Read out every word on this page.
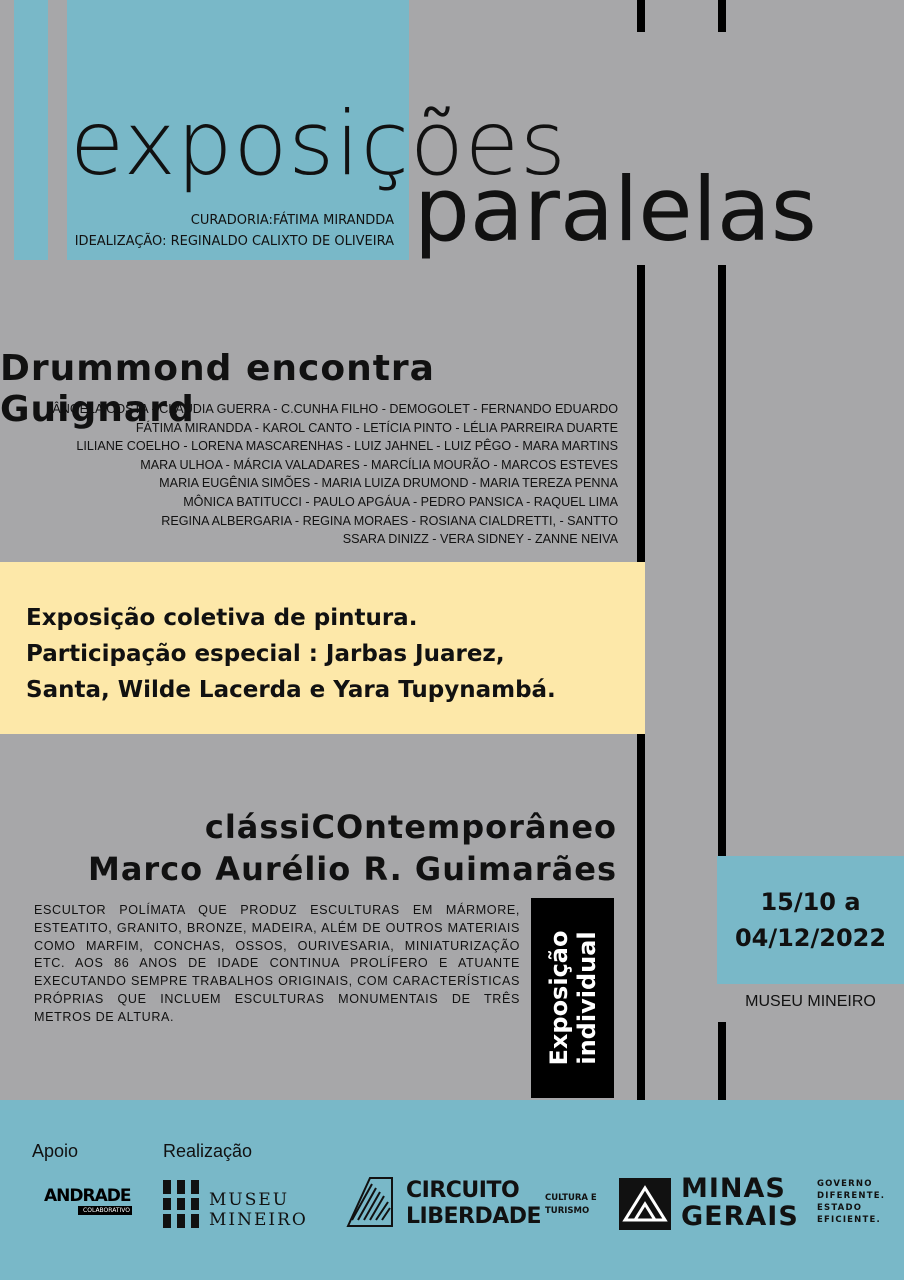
exposições
paralelas
CURADORIA:FÁTIMA MIRANDDA
IDEALIZAÇÃO: REGINALDO CALIXTO DE OLIVEIRA
Drummond encontra Guignard
ÂNGELA COSTA - CLÁUDIA GUERRA - C.CUNHA FILHO - DEMOGOLET - FERNANDO EDUARDO
FÁTIMA MIRANDDA - KAROL CANTO - LETÍCIA PINTO - LÉLIA PARREIRA DUARTE
LILIANE COELHO - LORENA MASCARENHAS - LUIZ JAHNEL - LUIZ PÊGO - MARA MARTINS
MARA ULHOA - MÁRCIA VALADARES - MARCÍLIA MOURÃO - MARCOS ESTEVES
MARIA EUGÊNIA SIMÕES - MARIA LUIZA DRUMOND - MARIA TEREZA PENNA
MÔNICA BATITUCCI - PAULO APGÁUA - PEDRO PANSICA - RAQUEL LIMA
REGINA ALBERGARIA - REGINA MORAES - ROSIANA CIALDRETTI, - SANTTO
SSARA DINIZZ - VERA SIDNEY - ZANNE NEIVA
Exposição coletiva de pintura.
Participação especial : Jarbas Juarez,
Santa, Wilde Lacerda e Yara Tupynambá.
clássiCOntemporâneo
Marco Aurélio R. Guimarães
ESCULTOR POLÍMATA QUE PRODUZ ESCULTURAS EM MÁRMORE, ESTEATITO, GRANITO, BRONZE, MADEIRA, ALÉM DE OUTROS MATERIAIS COMO MARFIM, CONCHAS, OSSOS, OURIVESARIA, MINIATURIZAÇÃO ETC. AOS 86 ANOS DE IDADE CONTINUA PROLÍFERO E ATUANTE EXECUTANDO SEMPRE TRABALHOS ORIGINAIS, COM CARACTERÍSTICAS PRÓPRIAS QUE INCLUEM ESCULTURAS MONUMENTAIS DE TRÊS METROS DE ALTURA.	Exposição
individual
15/10 a
04/12/2022
MUSEU MINEIRO
Apoio	Realização
ANDRADE
COLABORATIVO
MUSEU
MINEIRO
CIRCUITO
LIBERDADE
CULTURA E
TURISMO
MINAS
GERAIS
GOVERNO
DIFERENTE.
ESTADO
EFICIENTE.
